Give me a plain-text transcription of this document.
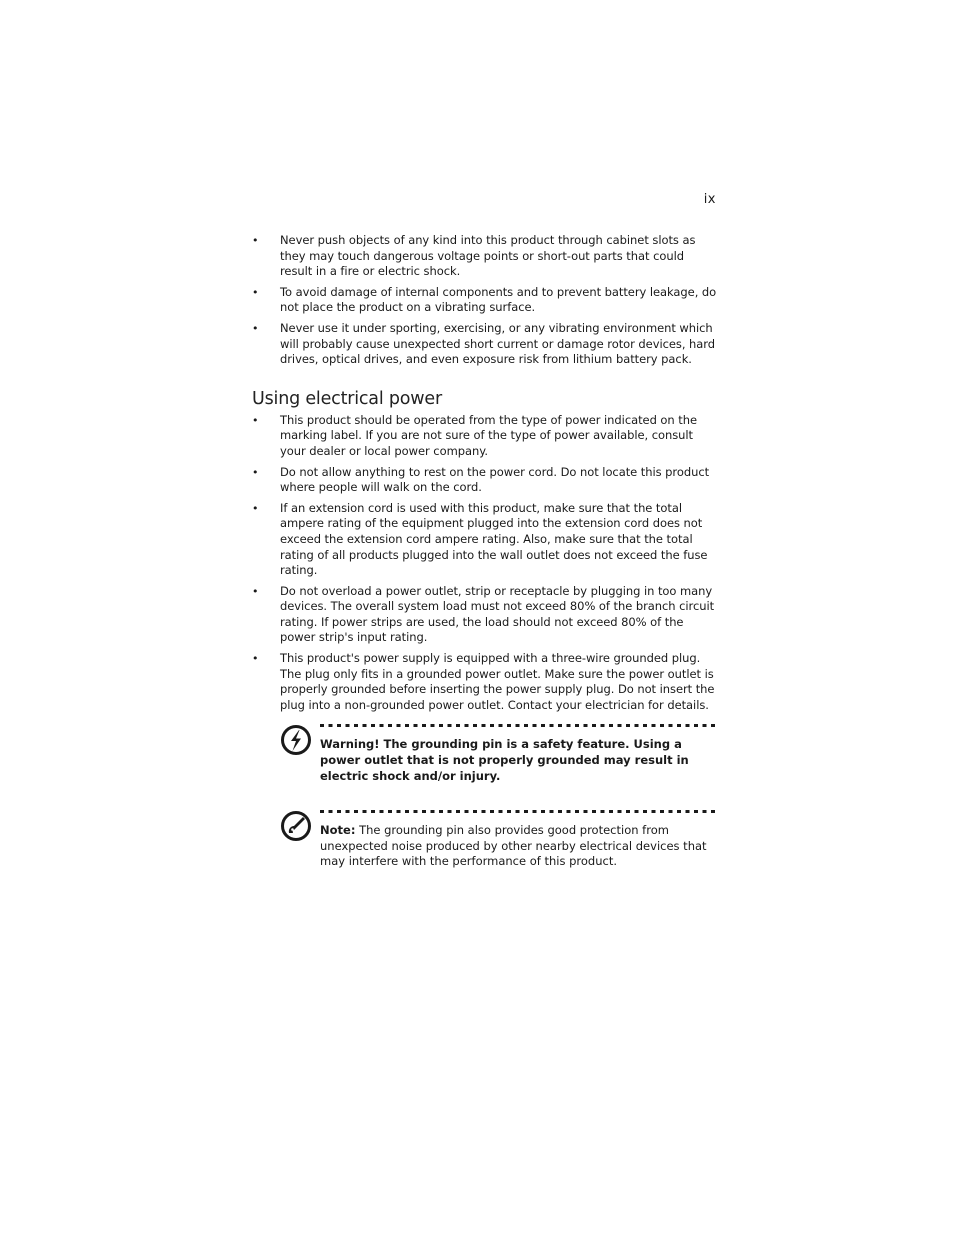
ix
• Never push objects of any kind into this product through cabinet slots as they may touch dangerous voltage points or short-out parts that could result in a fire or electric shock.
• To avoid damage of internal components and to prevent battery leakage, do not place the product on a vibrating surface.
• Never use it under sporting, exercising, or any vibrating environment which will probably cause unexpected short current or damage rotor devices, hard drives, optical drives, and even exposure risk from lithium battery pack.
Using electrical power
• This product should be operated from the type of power indicated on the marking label. If you are not sure of the type of power available, consult your dealer or local power company.
• Do not allow anything to rest on the power cord. Do not locate this product where people will walk on the cord.
• If an extension cord is used with this product, make sure that the total ampere rating of the equipment plugged into the extension cord does not exceed the extension cord ampere rating. Also, make sure that the total rating of all products plugged into the wall outlet does not exceed the fuse rating.
• Do not overload a power outlet, strip or receptacle by plugging in too many devices. The overall system load must not exceed 80% of the branch circuit rating. If power strips are used, the load should not exceed 80% of the power strip's input rating.
• This product's power supply is equipped with a three-wire grounded plug. The plug only fits in a grounded power outlet. Make sure the power outlet is properly grounded before inserting the power supply plug. Do not insert the plug into a non-grounded power outlet. Contact your electrician for details.

Warning! The grounding pin is a safety feature. Using a power outlet that is not properly grounded may result in electric shock and/or injury.

Note: The grounding pin also provides good protection from unexpected noise produced by other nearby electrical devices that may interfere with the performance of this product.
